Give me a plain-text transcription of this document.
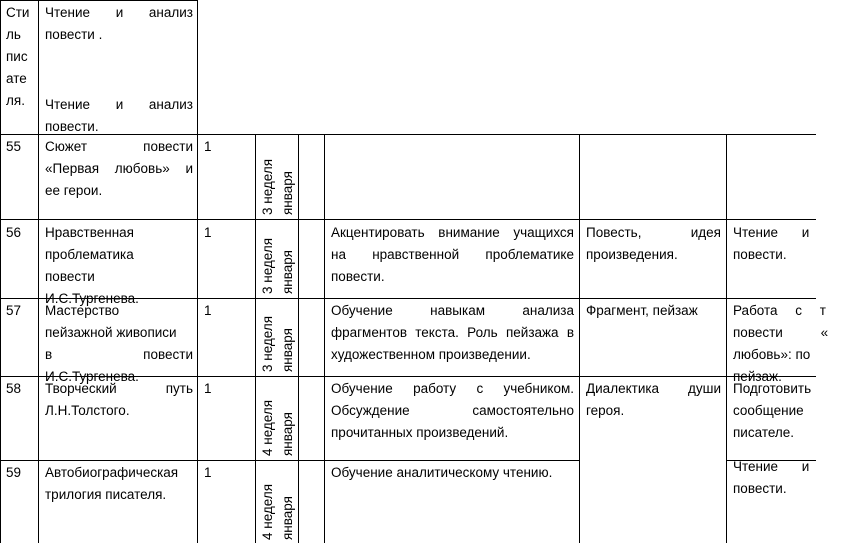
Сти
ль
пис
ате
ля.
Чтение и анализ
повести .
Чтение и анализ
повести.
55 Сюжет повести
«Первая любовь» и
ее герои.
1
3 неделя января
56 Нравственная
проблематика
повести
И.С.Тургенева.
1
3 неделя января
Акцентировать внимание учащихся
на нравственной проблематике
повести.
Повесть, идея
произведения.
Чтение и
повести.
57 Мастерство
пейзажной живописи
в повести
И.С.Тургенева.
1
3 неделя января
Обучение навыкам анализа
фрагментов текста. Роль пейзажа в
художественном произведении.
Фрагмент, пейзаж	Работа с т
повести «
любовь»: по
пейзаж.
58 Творческий путь
Л.Н.Толстого.
1
4 неделя января
Обучение работу с учебником.
Обсуждение самостоятельно
прочитанных произведений.
Диалектика души
героя.
Подготовить
сообщение
писателе.
Чтение и
повести.
59 Автобиографическая
трилогия писателя.
1
4 неделя января
Обучение аналитическому чтению.
